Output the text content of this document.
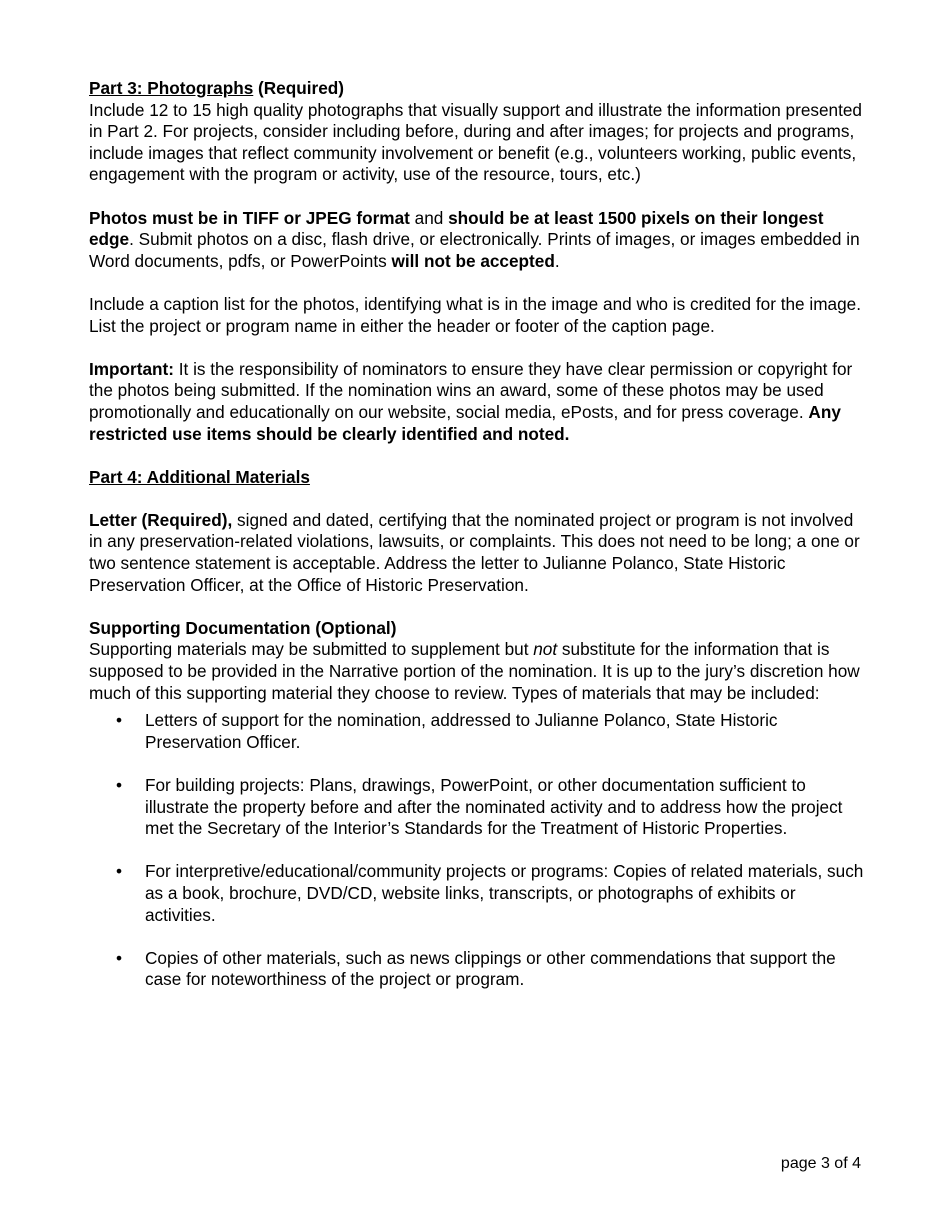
Part 3: Photographs (Required)

Include 12 to 15 high quality photographs that visually support and illustrate the information presented in Part 2. For projects, consider including before, during and after images; for projects and programs, include images that reflect community involvement or benefit (e.g., volunteers working, public events, engagement with the program or activity, use of the resource, tours, etc.)

Photos must be in TIFF or JPEG format and should be at least 1500 pixels on their longest edge. Submit photos on a disc, flash drive, or electronically. Prints of images, or images embedded in Word documents, pdfs, or PowerPoints will not be accepted.

Include a caption list for the photos, identifying what is in the image and who is credited for the image. List the project or program name in either the header or footer of the caption page.

Important: It is the responsibility of nominators to ensure they have clear permission or copyright for the photos being submitted. If the nomination wins an award, some of these photos may be used promotionally and educationally on our website, social media, ePosts, and for press coverage. Any restricted use items should be clearly identified and noted.

Part 4: Additional Materials

Letter (Required), signed and dated, certifying that the nominated project or program is not involved in any preservation-related violations, lawsuits, or complaints. This does not need to be long; a one or two sentence statement is acceptable. Address the letter to Julianne Polanco, State Historic Preservation Officer, at the Office of Historic Preservation.

Supporting Documentation (Optional)

Supporting materials may be submitted to supplement but not substitute for the information that is supposed to be provided in the Narrative portion of the nomination. It is up to the jury’s discretion how much of this supporting material they choose to review. Types of materials that may be included:

• Letters of support for the nomination, addressed to Julianne Polanco, State Historic Preservation Officer.
• For building projects: Plans, drawings, PowerPoint, or other documentation sufficient to illustrate the property before and after the nominated activity and to address how the project met the Secretary of the Interior’s Standards for the Treatment of Historic Properties.
• For interpretive/educational/community projects or programs: Copies of related materials, such as a book, brochure, DVD/CD, website links, transcripts, or photographs of exhibits or activities.
• Copies of other materials, such as news clippings or other commendations that support the case for noteworthiness of the project or program.
page 3 of 4
